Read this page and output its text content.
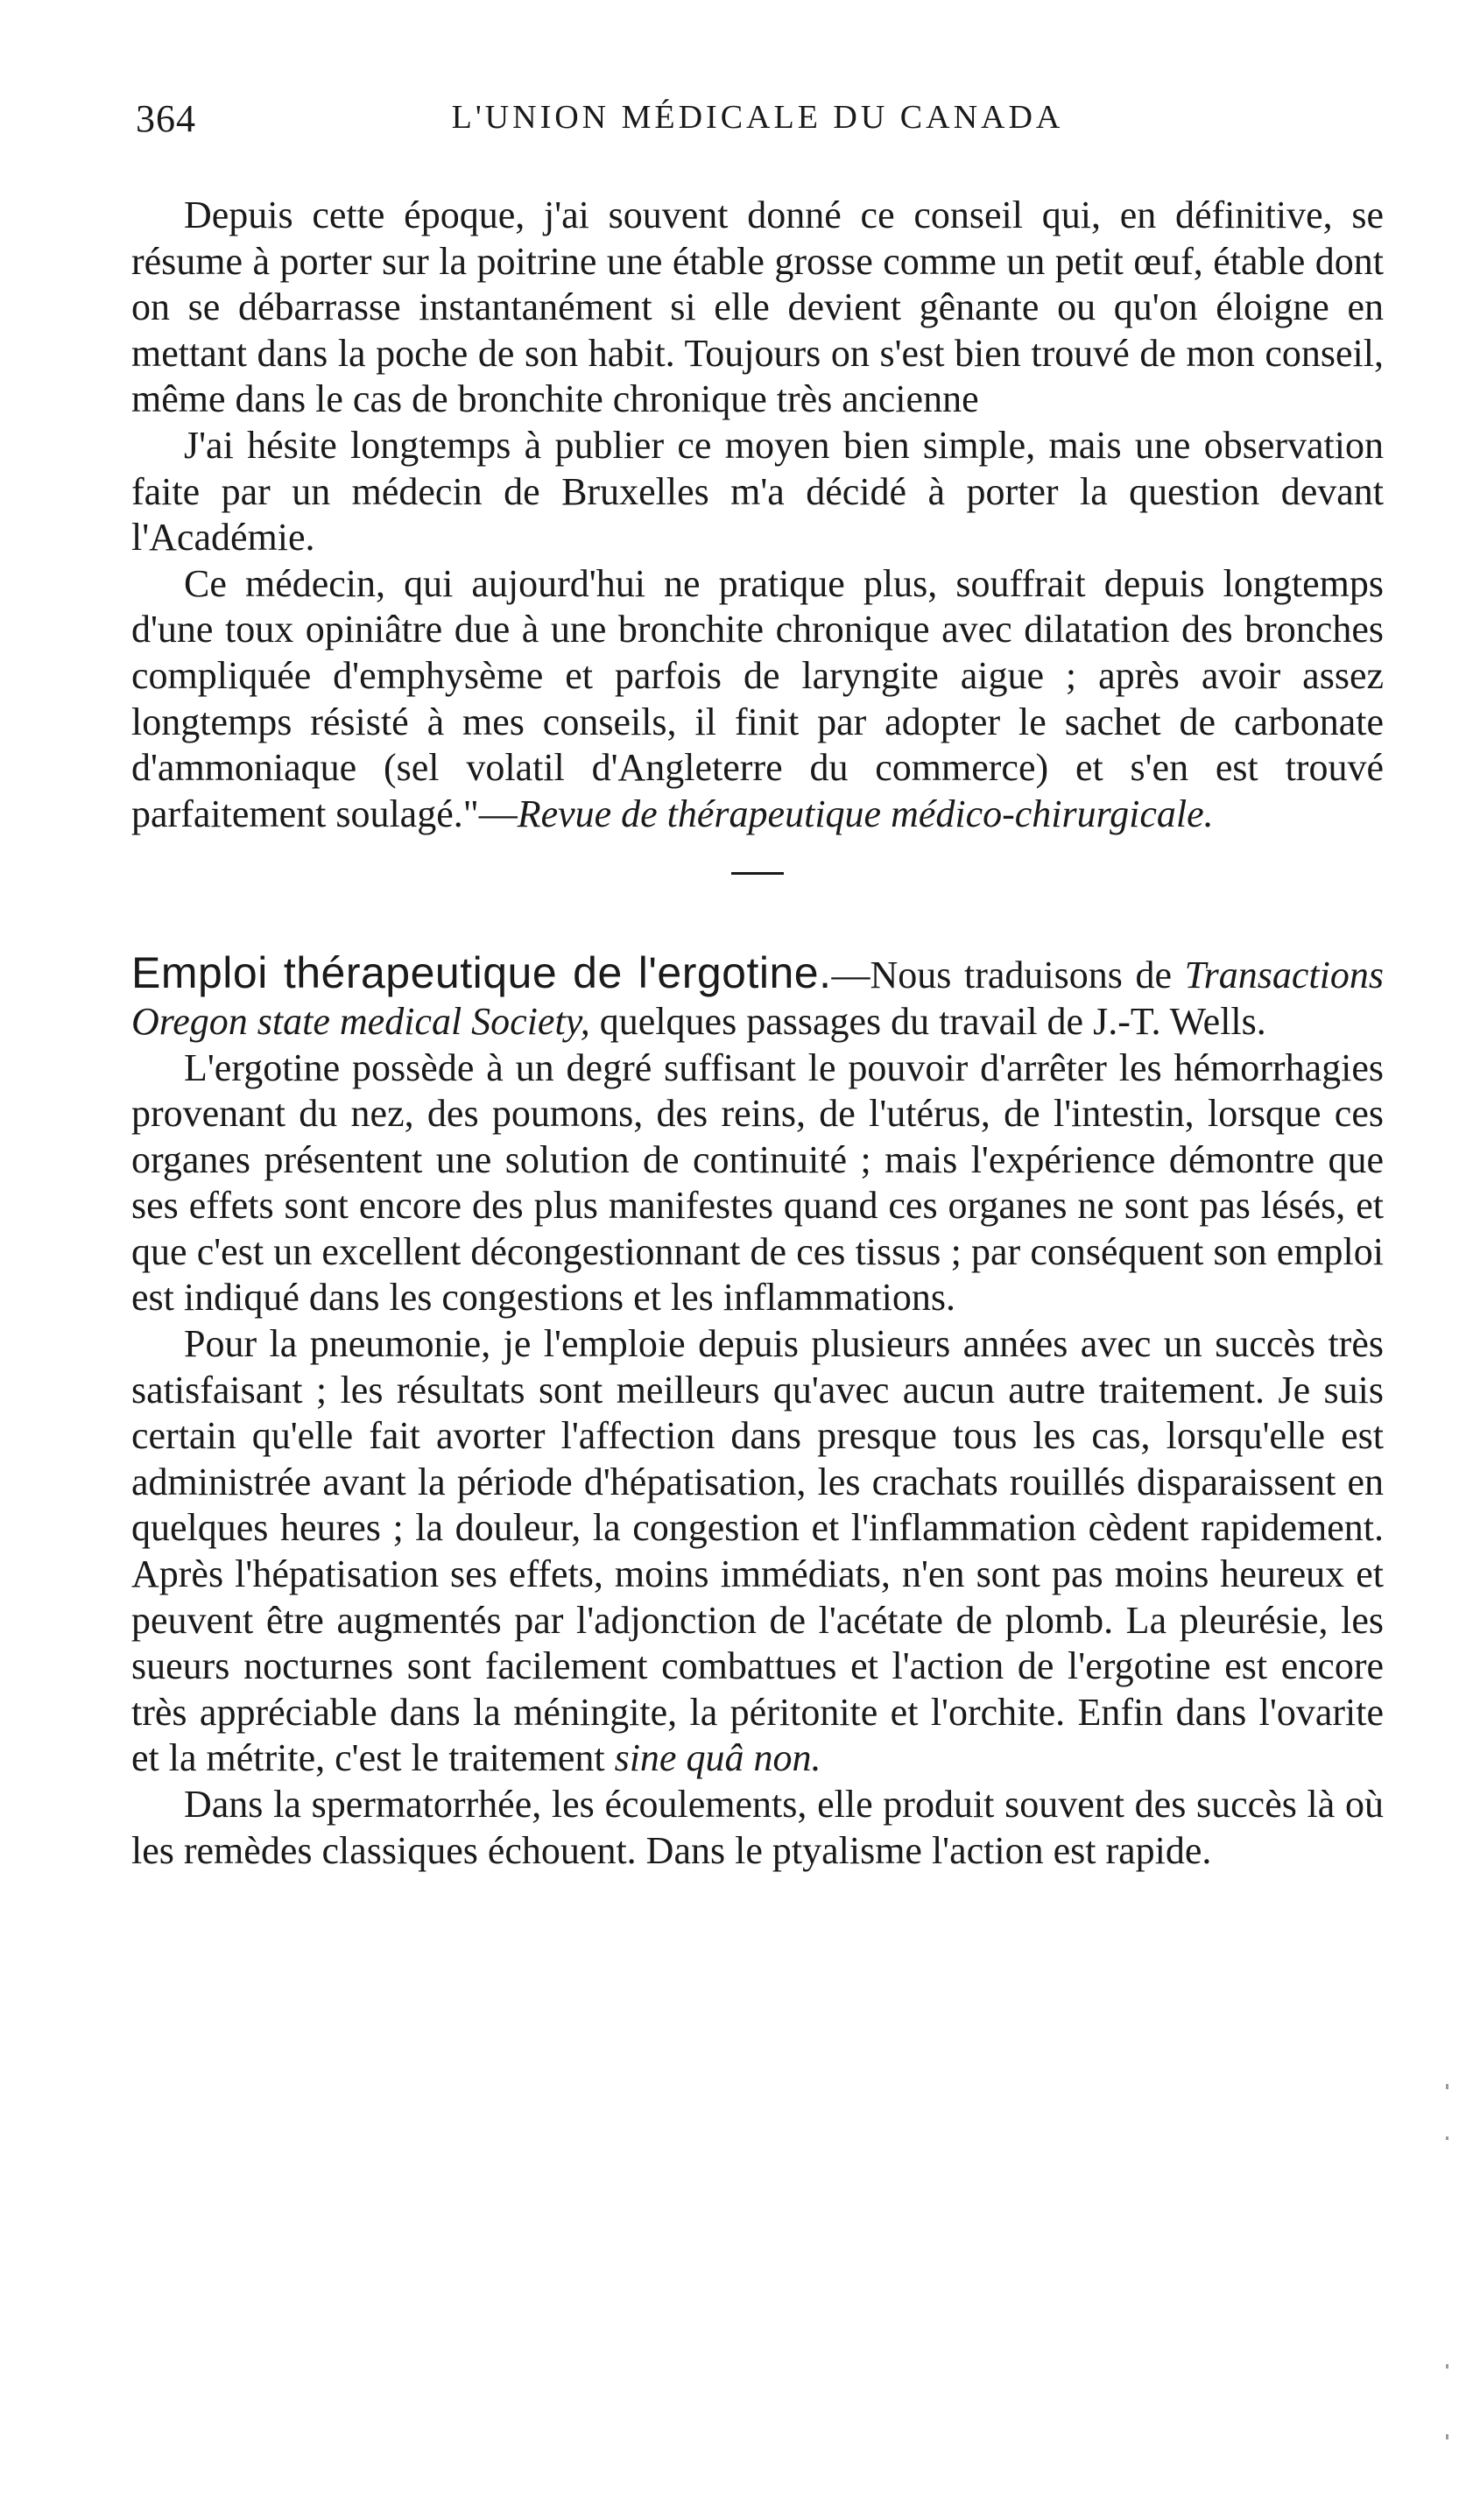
364	L'UNION MÉDICALE DU CANADA

Depuis cette époque, j'ai souvent donné ce conseil qui, en définitive, se résume à porter sur la poitrine une étable grosse comme un petit œuf, étable dont on se débarrasse instantanément si elle devient gênante ou qu'on éloigne en mettant dans la poche de son habit. Toujours on s'est bien trouvé de mon conseil, même dans le cas de bronchite chronique très ancienne

J'ai hésite longtemps à publier ce moyen bien simple, mais une observation faite par un médecin de Bruxelles m'a décidé à porter la question devant l'Académie.

Ce médecin, qui aujourd'hui ne pratique plus, souffrait depuis longtemps d'une toux opiniâtre due à une bronchite chronique avec dilatation des bronches compliquée d'emphysème et parfois de laryngite aigue ; après avoir assez longtemps résisté à mes conseils, il finit par adopter le sachet de carbonate d'ammoniaque (sel volatil d'Angleterre du commerce) et s'en est trouvé parfaitement soulagé."—Revue de thérapeutique médico-chirurgicale.

Emploi thérapeutique de l'ergotine.—Nous traduisons de Transactions Oregon state medical Society, quelques passages du travail de J.-T. Wells.

L'ergotine possède à un degré suffisant le pouvoir d'arrêter les hémorrhagies provenant du nez, des poumons, des reins, de l'utérus, de l'intestin, lorsque ces organes présentent une solution de continuité ; mais l'expérience démontre que ses effets sont encore des plus manifestes quand ces organes ne sont pas lésés, et que c'est un excellent décongestionnant de ces tissus ; par conséquent son emploi est indiqué dans les congestions et les inflammations.

Pour la pneumonie, je l'emploie depuis plusieurs années avec un succès très satisfaisant ; les résultats sont meilleurs qu'avec aucun autre traitement. Je suis certain qu'elle fait avorter l'affection dans presque tous les cas, lorsqu'elle est administrée avant la période d'hépatisation, les crachats rouillés disparaissent en quelques heures ; la douleur, la congestion et l'inflammation cèdent rapidement. Après l'hépatisation ses effets, moins immédiats, n'en sont pas moins heureux et peuvent être augmentés par l'adjonction de l'acétate de plomb. La pleurésie, les sueurs nocturnes sont facilement combattues et l'action de l'ergotine est encore très appréciable dans la méningite, la péritonite et l'orchite. Enfin dans l'ovarite et la métrite, c'est le traitement sine quâ non.

Dans la spermatorrhée, les écoulements, elle produit souvent des succès là où les remèdes classiques échouent. Dans le ptyalisme l'action est rapide.
